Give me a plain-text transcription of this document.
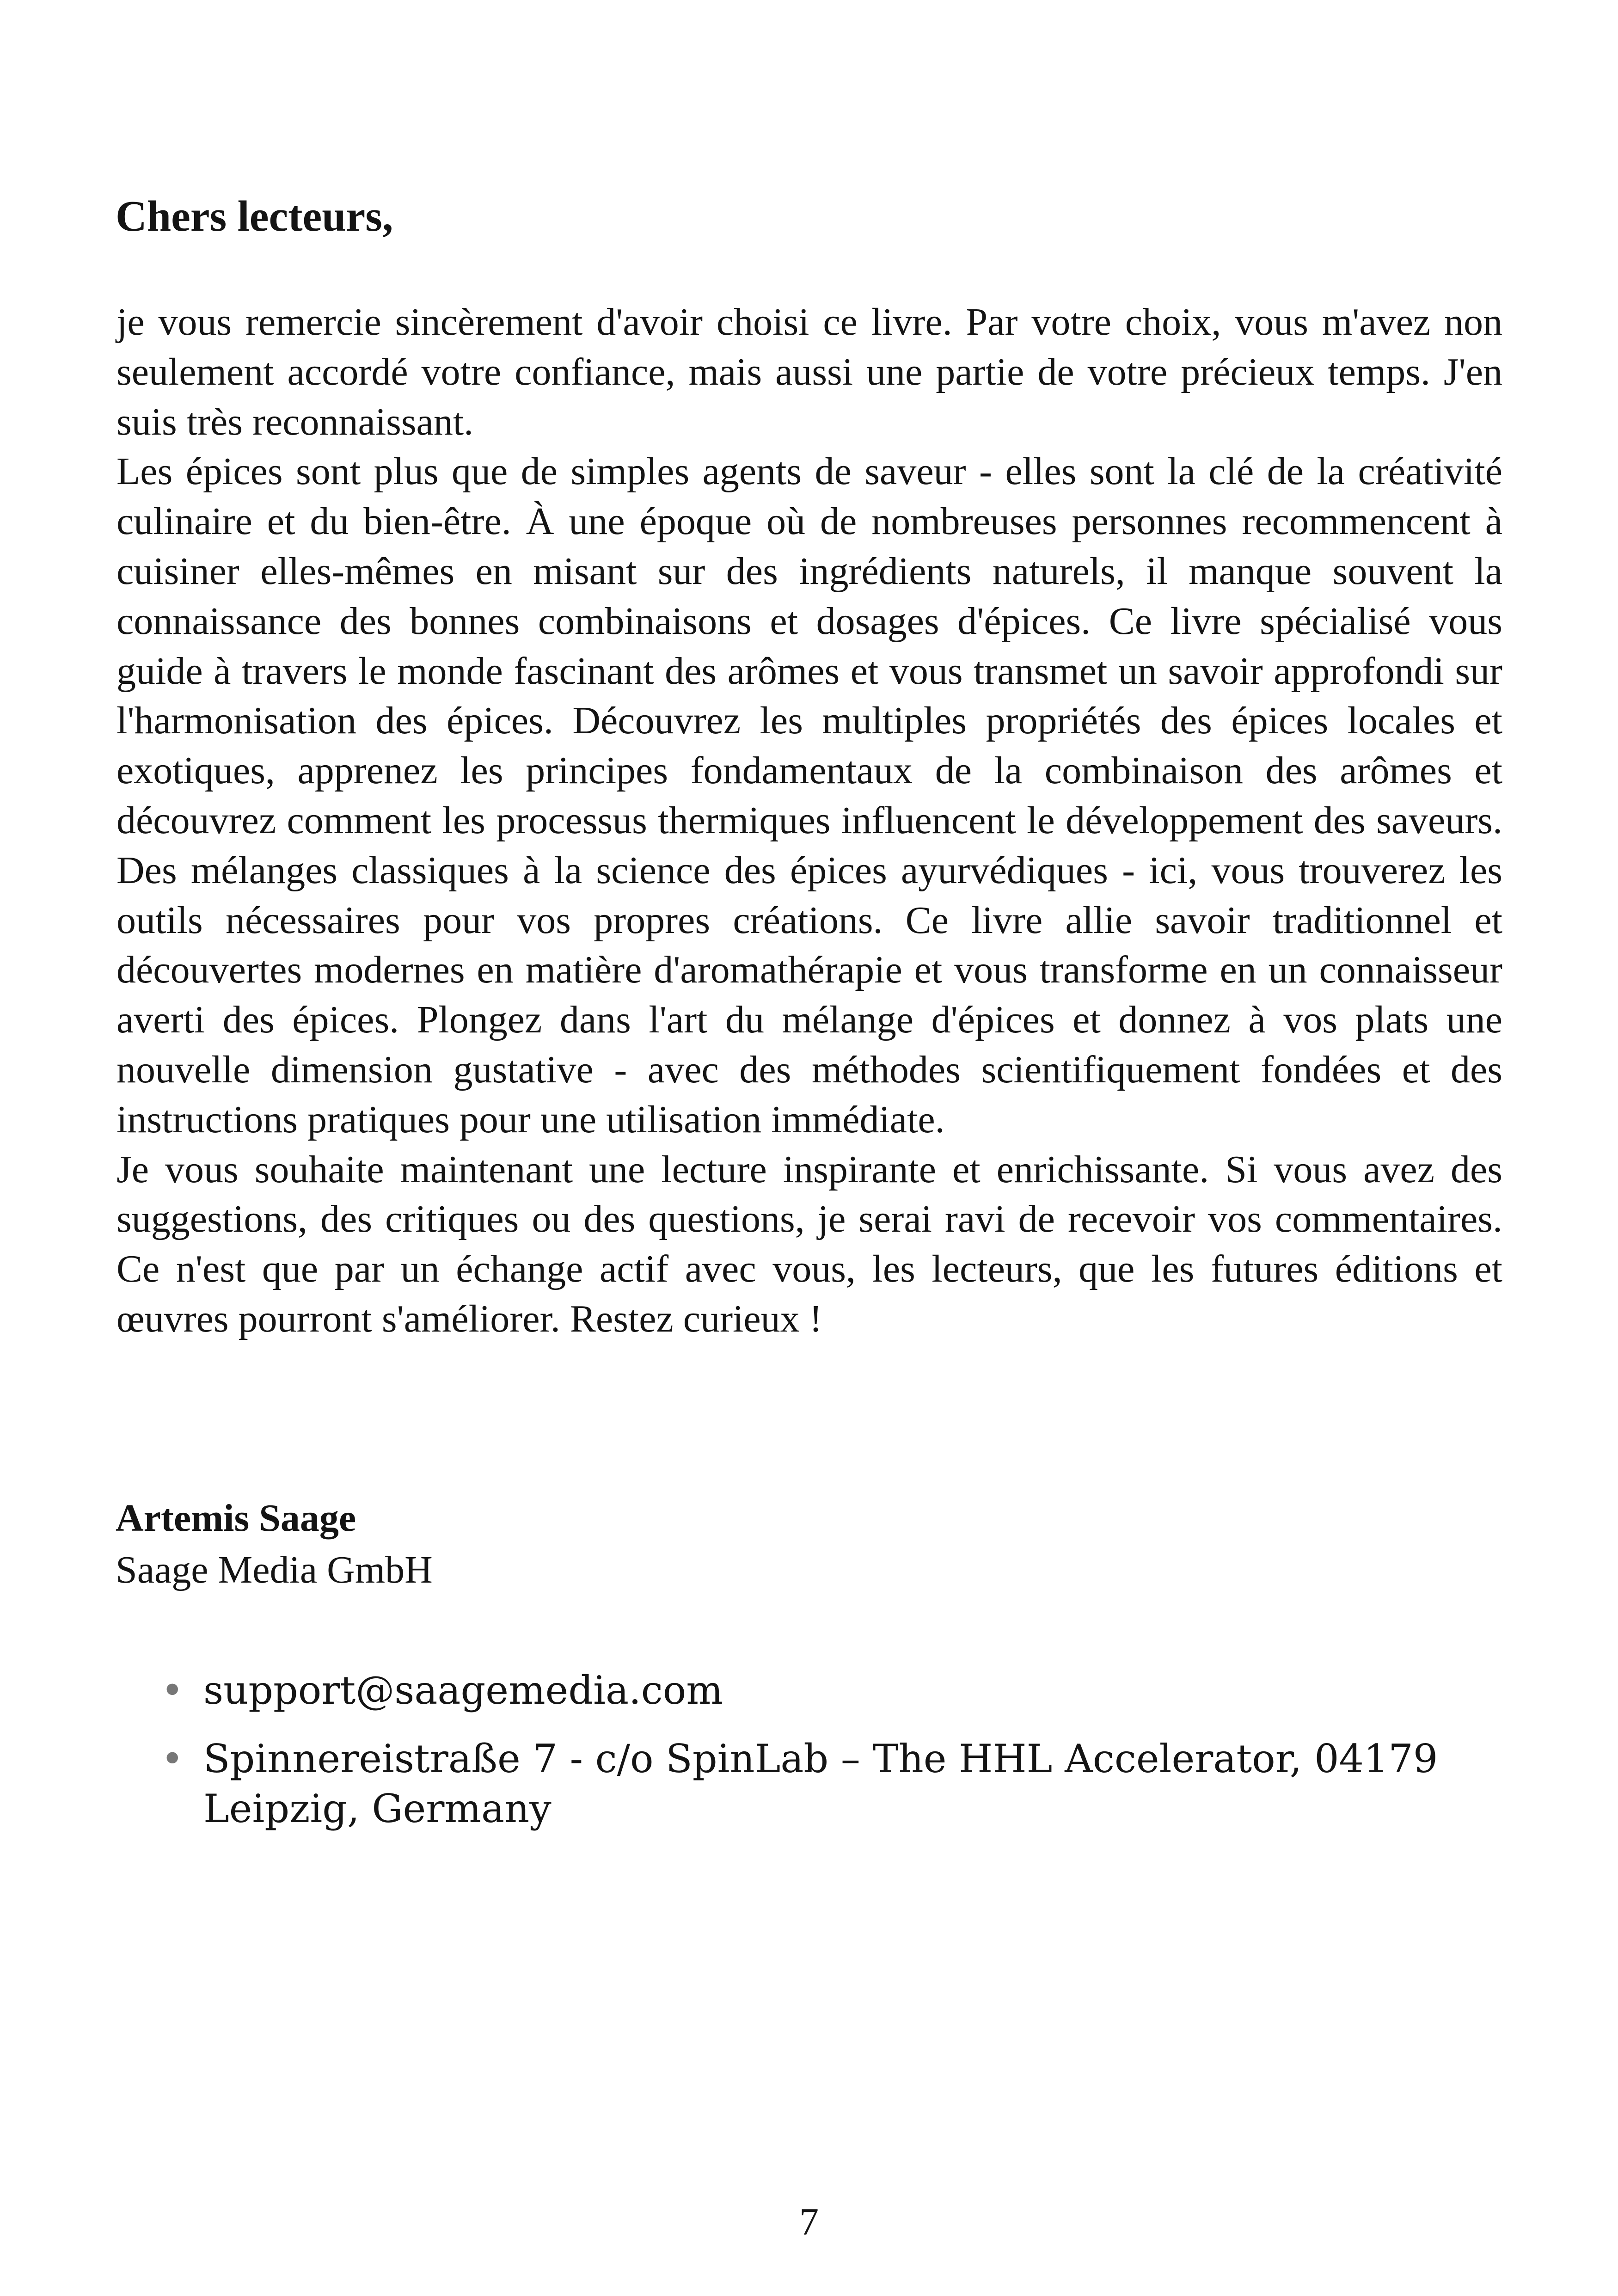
Chers lecteurs,

je vous remercie sincèrement d'avoir choisi ce livre. Par votre choix, vous m'avez non seulement accordé votre confiance, mais aussi une partie de votre précieux temps. J'en suis très reconnaissant.

Les épices sont plus que de simples agents de saveur - elles sont la clé de la créativité culinaire et du bien-être. À une époque où de nombreuses personnes recommencent à cuisiner elles-mêmes en misant sur des ingrédients naturels, il manque souvent la connaissance des bonnes combinaisons et dosages d'épices. Ce livre spécialisé vous guide à travers le monde fascinant des arômes et vous transmet un savoir approfondi sur l'harmonisation des épices. Découvrez les multiples propriétés des épices locales et exotiques, apprenez les principes fondamentaux de la combinaison des arômes et découvrez comment les processus thermiques influencent le développement des saveurs. Des mélanges classiques à la science des épices ayurvédiques - ici, vous trouverez les outils nécessaires pour vos propres créations. Ce livre allie savoir traditionnel et découvertes modernes en matière d'aromathérapie et vous transforme en un connaisseur averti des épices. Plongez dans l'art du mélange d'épices et donnez à vos plats une nouvelle dimension gustative - avec des méthodes scientifiquement fondées et des instructions pratiques pour une utilisation immédiate.

Je vous souhaite maintenant une lecture inspirante et enrichissante. Si vous avez des suggestions, des critiques ou des questions, je serai ravi de recevoir vos commentaires. Ce n'est que par un échange actif avec vous, les lecteurs, que les futures éditions et œuvres pourront s'améliorer. Restez curieux !

Artemis Saage
Saage Media GmbH
• support@saagemedia.com
• Spinnereistraße 7 - c/o SpinLab – The HHL Accelerator, 04179 Leipzig, Germany
7
